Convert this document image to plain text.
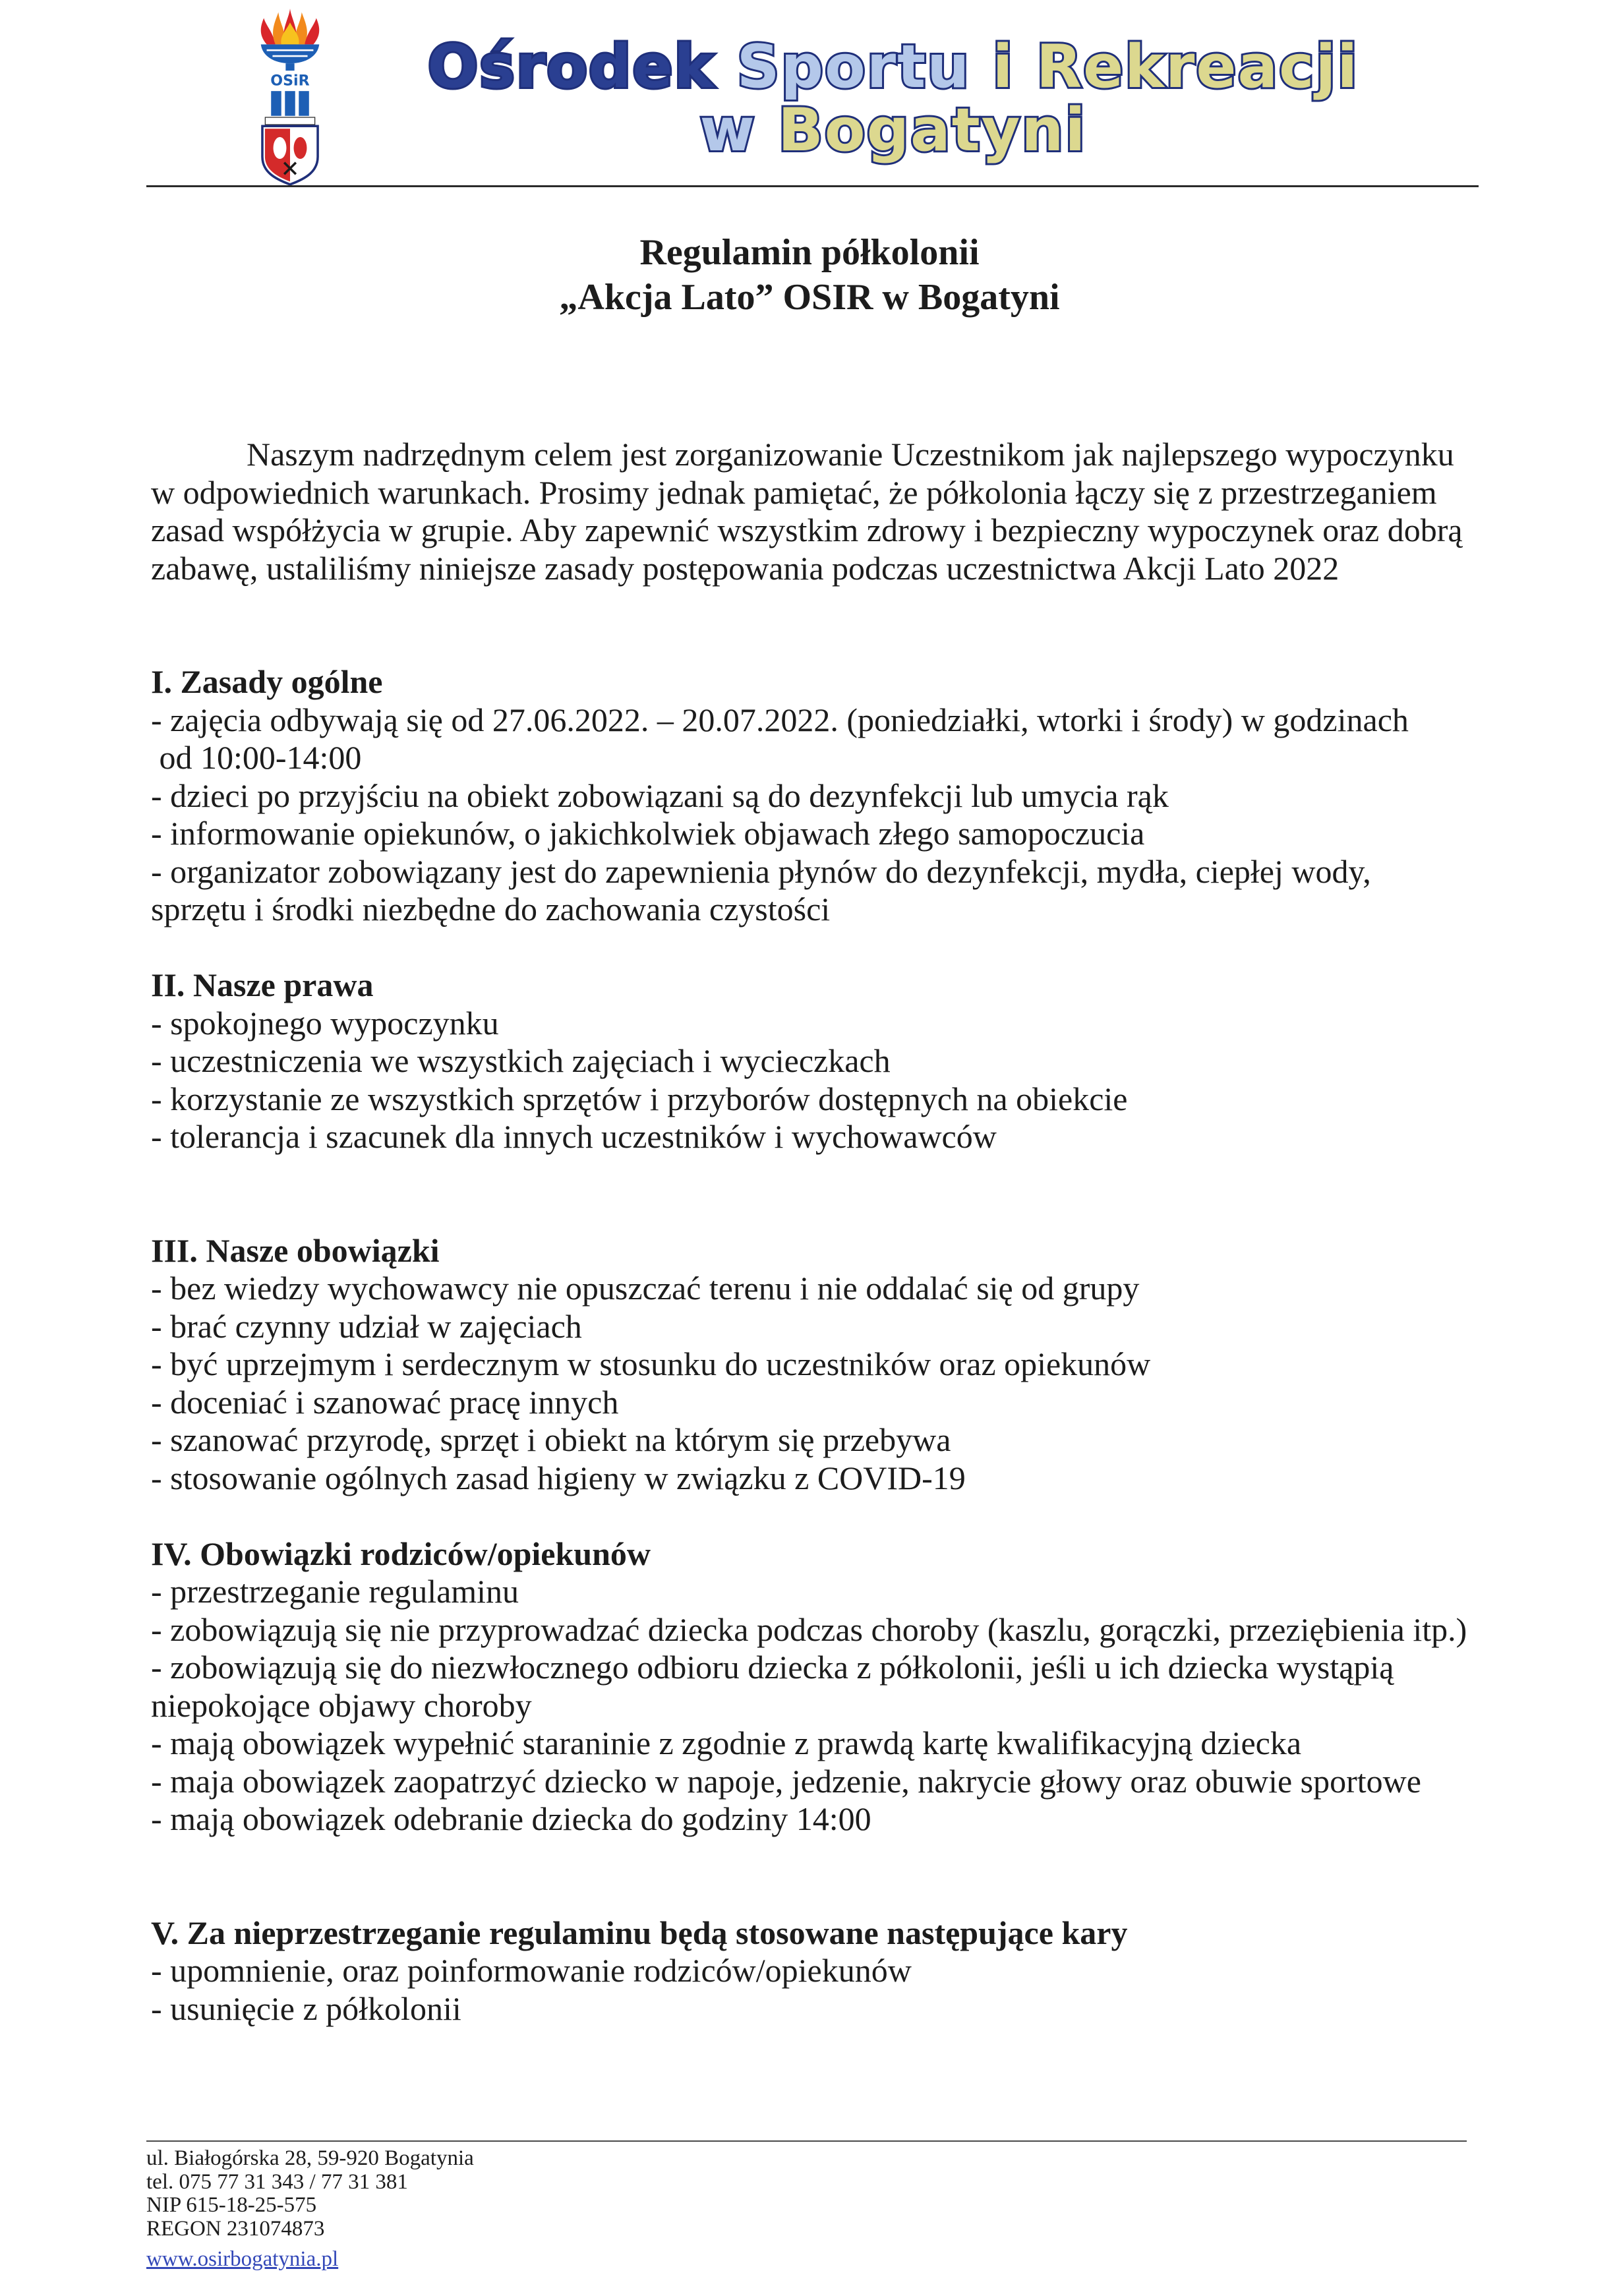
OSiR	Ośrodek Sportu i Rekreacji
w Bogatyni
Regulamin półkolonii
„Akcja Lato” OSIR w Bogatyni
Naszym nadrzędnym celem jest zorganizowanie Uczestnikom jak najlepszego wypoczynku
w odpowiednich warunkach. Prosimy jednak pamiętać, że półkolonia łączy się z przestrzeganiem
zasad współżycia w grupie. Aby zapewnić wszystkim zdrowy i bezpieczny wypoczynek oraz dobrą
zabawę, ustaliliśmy niniejsze zasady postępowania podczas uczestnictwa Akcji Lato 2022
I. Zasady ogólne
- zajęcia odbywają się od 27.06.2022. – 20.07.2022. (poniedziałki, wtorki i środy) w godzinach
od 10:00-14:00
- dzieci po przyjściu na obiekt zobowiązani są do dezynfekcji lub umycia rąk
- informowanie opiekunów, o jakichkolwiek objawach złego samopoczucia
- organizator zobowiązany jest do zapewnienia płynów do dezynfekcji, mydła, ciepłej wody,
sprzętu i środki niezbędne do zachowania czystości
II. Nasze prawa
- spokojnego wypoczynku
- uczestniczenia we wszystkich zajęciach i wycieczkach
- korzystanie ze wszystkich sprzętów i przyborów dostępnych na obiekcie
- tolerancja i szacunek dla innych uczestników i wychowawców
III. Nasze obowiązki
- bez wiedzy wychowawcy nie opuszczać terenu i nie oddalać się od grupy
- brać czynny udział w zajęciach
- być uprzejmym i serdecznym w stosunku do uczestników oraz opiekunów
- doceniać i szanować pracę innych
- szanować przyrodę, sprzęt i obiekt na którym się przebywa
- stosowanie ogólnych zasad higieny w związku z COVID-19
IV. Obowiązki rodziców/opiekunów
- przestrzeganie regulaminu
- zobowiązują się nie przyprowadzać dziecka podczas choroby (kaszlu, gorączki, przeziębienia itp.)
- zobowiązują się do niezwłocznego odbioru dziecka z półkolonii, jeśli u ich dziecka wystąpią
niepokojące objawy choroby
- mają obowiązek wypełnić staraninie z zgodnie z prawdą kartę kwalifikacyjną dziecka
- maja obowiązek zaopatrzyć dziecko w napoje, jedzenie, nakrycie głowy oraz obuwie sportowe
- mają obowiązek odebranie dziecka do godziny 14:00
V. Za nieprzestrzeganie regulaminu będą stosowane następujące kary
- upomnienie, oraz poinformowanie rodziców/opiekunów
- usunięcie z półkolonii
ul. Białogórska 28, 59-920 Bogatynia
tel. 075 77 31 343 / 77 31 381
NIP 615-18-25-575
REGON 231074873
www.osirbogatynia.pl
